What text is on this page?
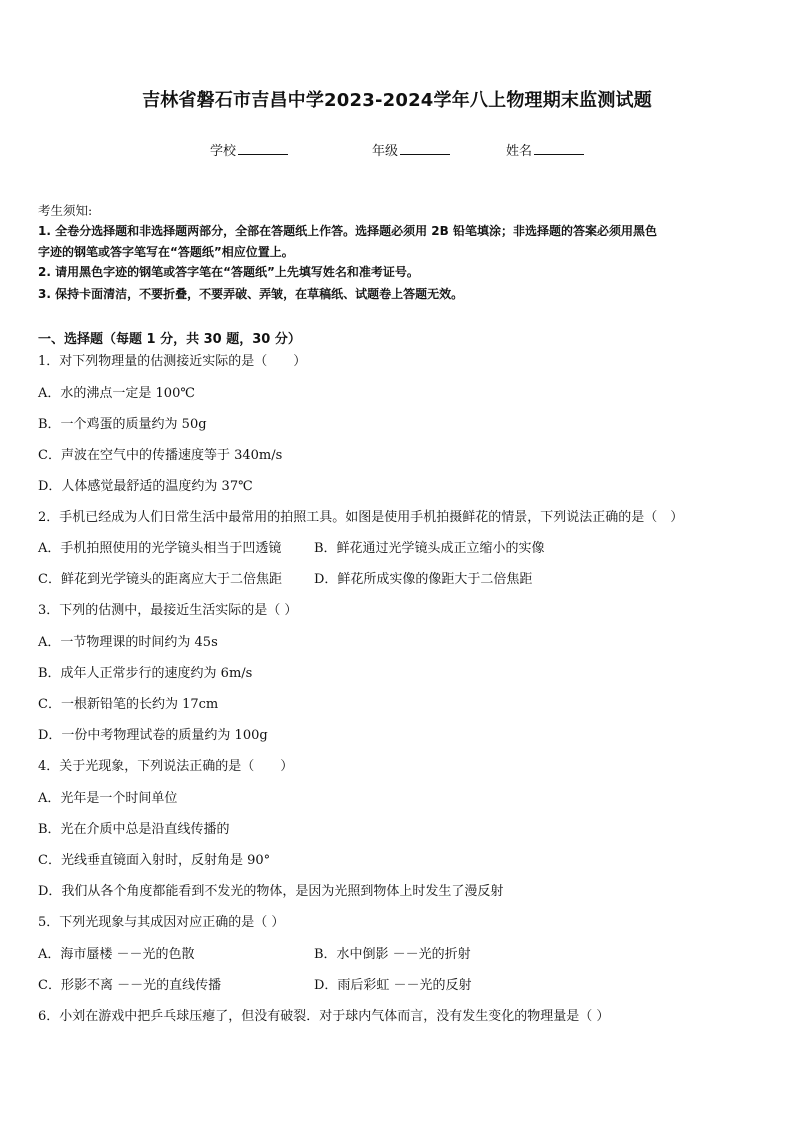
吉林省磐石市吉昌中学2023-2024学年八上物理期末监测试题
学校	年级	姓名
考生须知:
1. 全卷分选择题和非选择题两部分，全部在答题纸上作答。选择题必须用 2B 铅笔填涂；非选择题的答案必须用黑色
字迹的钢笔或答字笔写在“答题纸”相应位置上。
2. 请用黑色字迹的钢笔或答字笔在“答题纸”上先填写姓名和准考证号。
3. 保持卡面清洁，不要折叠，不要弄破、弄皱，在草稿纸、试题卷上答题无效。
一、选择题（每题 1 分，共 30 题，30 分）
1．对下列物理量的估测接近实际的是（　　）
A．水的沸点一定是 100℃
B．一个鸡蛋的质量约为 50g
C．声波在空气中的传播速度等于 340m/s
D．人体感觉最舒适的温度约为 37℃
2．手机已经成为人们日常生活中最常用的拍照工具。如图是使用手机拍摄鲜花的情景，下列说法正确的是（　）
A．手机拍照使用的光学镜头相当于凹透镜	B．鲜花通过光学镜头成正立缩小的实像
C．鲜花到光学镜头的距离应大于二倍焦距 D．鲜花所成实像的像距大于二倍焦距
3．下列的估测中，最接近生活实际的是（ ）
A．一节物理课的时间约为 45s
B．成年人正常步行的速度约为 6m/s
C．一根新铅笔的长约为 17cm
D．一份中考物理试卷的质量约为 100g
4．关于光现象，下列说法正确的是（　　）
A．光年是一个时间单位
B．光在介质中总是沿直线传播的
C．光线垂直镜面入射时，反射角是 90°
D．我们从各个角度都能看到不发光的物体，是因为光照到物体上时发生了漫反射
5．下列光现象与其成因对应正确的是（ ）
A．海市蜃楼 －－光的色散	B．水中倒影 －－光的折射
C．形影不离 －－光的直线传播	D．雨后彩虹 －－光的反射
6．小刘在游戏中把乒乓球压瘪了，但没有破裂．对于球内气体而言，没有发生变化的物理量是（ ）
